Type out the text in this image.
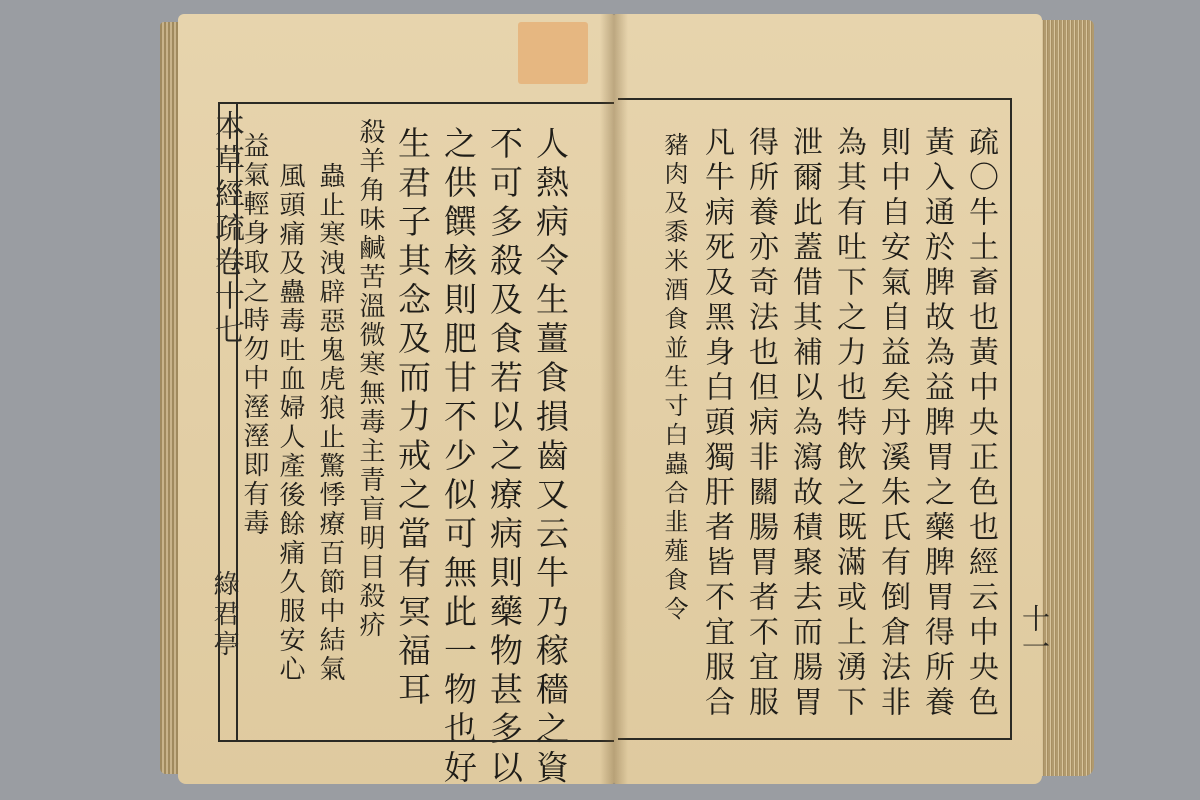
本草經疏卷十七
綠君亭	人熱病令生薑食損齒又云牛乃稼穡之資
不可多殺及食若以之療病則藥物甚多以
之供饌核則肥甘不少似可無此一物也好
生君子其念及而力戒之當有冥福耳
殺羊角味鹹苦溫微寒無毒主青盲明目殺疥
蟲止寒洩辟惡鬼虎狼止驚悸療百節中結氣
風頭痛及蠱毒吐血婦人產後餘痛久服安心
益氣輕身取之時勿中溼溼即有毒	疏〇牛土畜也黃中央正色也經云中央色
黃入通於脾故為益脾胃之藥脾胃得所養
則中自安氣自益矣丹溪朱氏有倒倉法非
為其有吐下之力也特飲之既滿或上湧下
泄爾此蓋借其補以為瀉故積聚去而腸胃
得所養亦奇法也但病非關腸胃者不宜服
凡牛病死及黑身白頭獨肝者皆不宜服合
豬肉及黍米酒食並生寸白蟲合韭薤食令
十一
